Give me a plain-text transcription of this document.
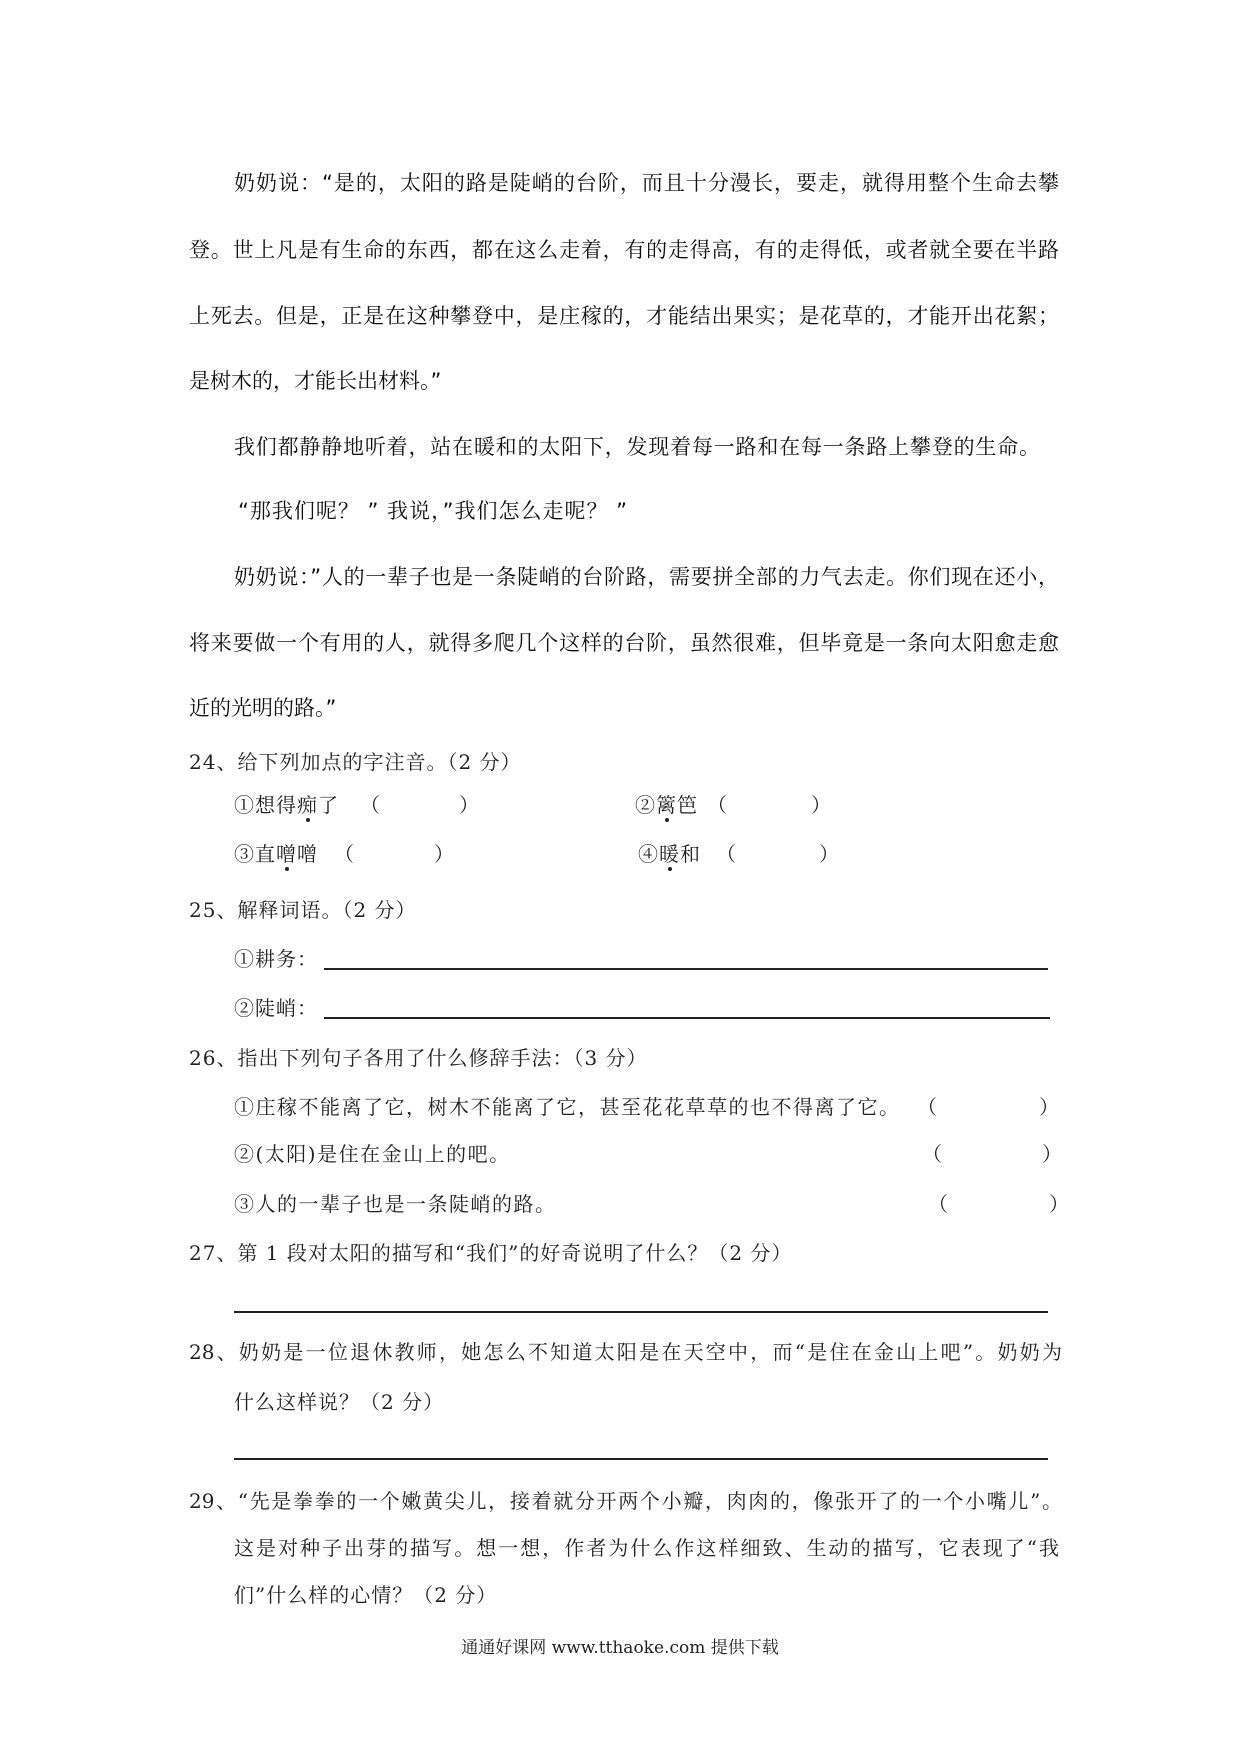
奶奶说：“是的，太阳的路是陡峭的台阶，而且十分漫长，要走，就得用整个生命去攀
登。世上凡是有生命的东西，都在这么走着，有的走得高，有的走得低，或者就全要在半路
上死去。但是，正是在这种攀登中，是庄稼的，才能结出果实；是花草的，才能开出花絮；
是树木的，才能长出材料。”
我们都静静地听着，站在暖和的太阳下，发现着每一路和在每一条路上攀登的生命。
“那我们呢？ ” 我说，”我们怎么走呢？ ”
奶奶说：”人的一辈子也是一条陡峭的台阶路，需要拼全部的力气去走。你们现在还小，
将来要做一个有用的人，就得多爬几个这样的台阶，虽然很难，但毕竟是一条向太阳愈走愈
近的光明的路。”
24、给下列加点的字注音。（2 分）
①想得痴了	（	）	②篱笆 （	）
③直噌噌 （	）	④暖和 （	）
25、解释词语。（2 分）
①耕务：
②陡峭：
26、指出下列句子各用了什么修辞手法：（3 分）
①庄稼不能离了它，树木不能离了它，甚至花花草草的也不得离了它。 （	）
②(太阳)是住在金山上的吧。	（	）
③人的一辈子也是一条陡峭的路。	（	）
27、第 1 段对太阳的描写和“我们”的好奇说明了什么？（2 分）
28、奶奶是一位退休教师，她怎么不知道太阳是在天空中，而“是住在金山上吧”。奶奶为
什么这样说？（2 分）
29、“先是拳拳的一个嫩黄尖儿，接着就分开两个小瓣，肉肉的，像张开了的一个小嘴儿”。
这是对种子出芽的描写。想一想，作者为什么作这样细致、生动的描写，它表现了“我
们”什么样的心情？（2 分）
通通好课网 www.tthaoke.com 提供下载
